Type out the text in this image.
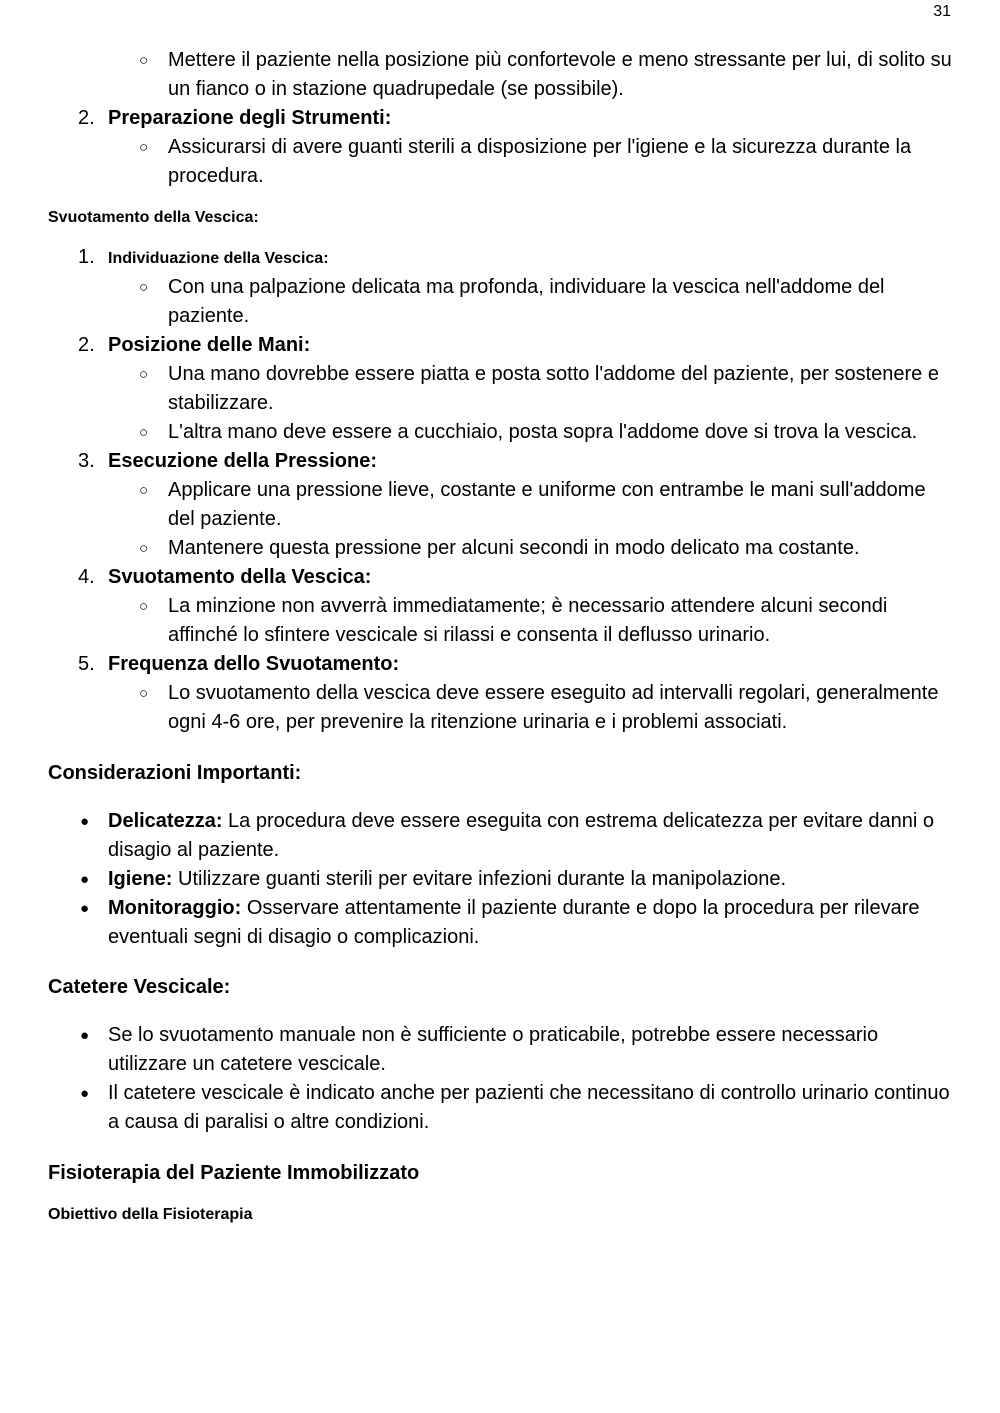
31
○ Mettere il paziente nella posizione più confortevole e meno stressante per lui, di solito su un fianco o in stazione quadrupedale (se possibile).
2. Preparazione degli Strumenti:
○ Assicurarsi di avere guanti sterili a disposizione per l'igiene e la sicurezza durante la procedura.
Svuotamento della Vescica:
1. Individuazione della Vescica:
○ Con una palpazione delicata ma profonda, individuare la vescica nell'addome del paziente.
2. Posizione delle Mani:
○ Una mano dovrebbe essere piatta e posta sotto l'addome del paziente, per sostenere e stabilizzare.
○ L'altra mano deve essere a cucchiaio, posta sopra l'addome dove si trova la vescica.
3. Esecuzione della Pressione:
○ Applicare una pressione lieve, costante e uniforme con entrambe le mani sull'addome del paziente.
○ Mantenere questa pressione per alcuni secondi in modo delicato ma costante.
4. Svuotamento della Vescica:
○ La minzione non avverrà immediatamente; è necessario attendere alcuni secondi affinché lo sfintere vescicale si rilassi e consenta il deflusso urinario.
5. Frequenza dello Svuotamento:
○ Lo svuotamento della vescica deve essere eseguito ad intervalli regolari, generalmente ogni 4-6 ore, per prevenire la ritenzione urinaria e i problemi associati.
Considerazioni Importanti:
● Delicatezza: La procedura deve essere eseguita con estrema delicatezza per evitare danni o disagio al paziente.
● Igiene: Utilizzare guanti sterili per evitare infezioni durante la manipolazione.
● Monitoraggio: Osservare attentamente il paziente durante e dopo la procedura per rilevare eventuali segni di disagio o complicazioni.
Catetere Vescicale:
● Se lo svuotamento manuale non è sufficiente o praticabile, potrebbe essere necessario utilizzare un catetere vescicale.
● Il catetere vescicale è indicato anche per pazienti che necessitano di controllo urinario continuo a causa di paralisi o altre condizioni.
Fisioterapia del Paziente Immobilizzato
Obiettivo della Fisioterapia
